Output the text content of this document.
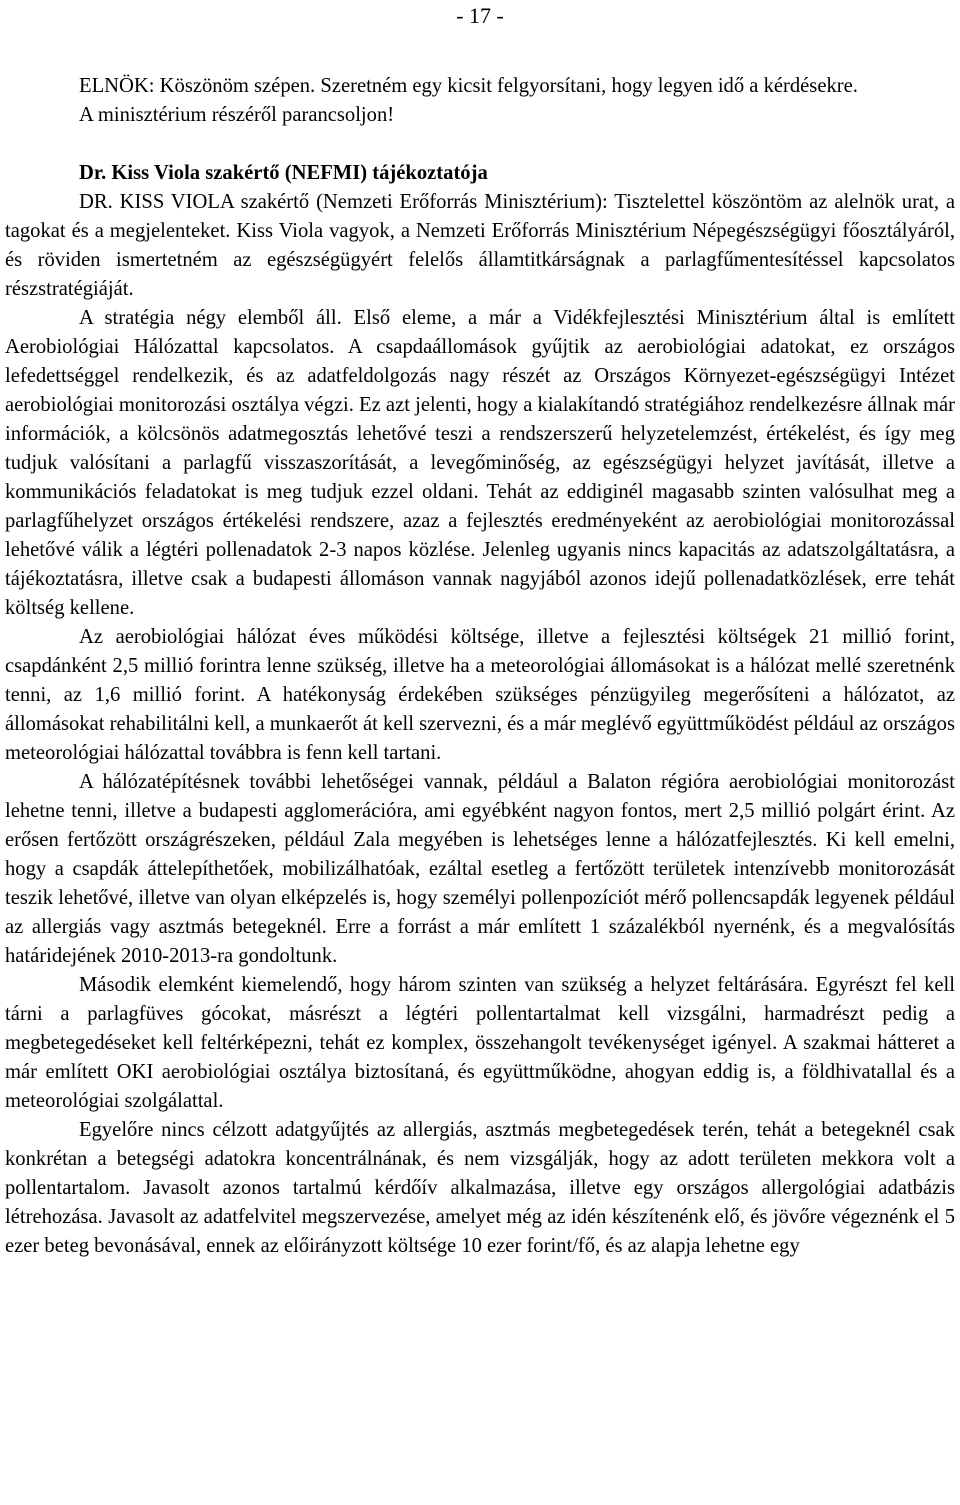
- 17 -

ELNÖK: Köszönöm szépen. Szeretném egy kicsit felgyorsítani, hogy legyen idő a kérdésekre.

A minisztérium részéről parancsoljon!

Dr. Kiss Viola szakértő (NEFMI) tájékoztatója

DR. KISS VIOLA szakértő (Nemzeti Erőforrás Minisztérium): Tisztelettel köszöntöm az alelnök urat, a tagokat és a megjelenteket. Kiss Viola vagyok, a Nemzeti Erőforrás Minisztérium Népegészségügyi főosztályáról, és röviden ismertetném az egészségügyért felelős államtitkárságnak a parlagfűmentesítéssel kapcsolatos részstratégiáját.

A stratégia négy elemből áll. Első eleme, a már a Vidékfejlesztési Minisztérium által is említett Aerobiológiai Hálózattal kapcsolatos. A csapdaállomások gyűjtik az aerobiológiai adatokat, ez országos lefedettséggel rendelkezik, és az adatfeldolgozás nagy részét az Országos Környezet-egészségügyi Intézet aerobiológiai monitorozási osztálya végzi. Ez azt jelenti, hogy a kialakítandó stratégiához rendelkezésre állnak már információk, a kölcsönös adatmegosztás lehetővé teszi a rendszerszerű helyzetelemzést, értékelést, és így meg tudjuk valósítani a parlagfű visszaszorítását, a levegőminőség, az egészségügyi helyzet javítását, illetve a kommunikációs feladatokat is meg tudjuk ezzel oldani. Tehát az eddiginél magasabb szinten valósulhat meg a parlagfűhelyzet országos értékelési rendszere, azaz a fejlesztés eredményeként az aerobiológiai monitorozással lehetővé válik a légtéri pollenadatok 2-3 napos közlése. Jelenleg ugyanis nincs kapacitás az adatszolgáltatásra, a tájékoztatásra, illetve csak a budapesti állomáson vannak nagyjából azonos idejű pollenadatközlések, erre tehát költség kellene.

Az aerobiológiai hálózat éves működési költsége, illetve a fejlesztési költségek 21 millió forint, csapdánként 2,5 millió forintra lenne szükség, illetve ha a meteorológiai állomásokat is a hálózat mellé szeretnénk tenni, az 1,6 millió forint. A hatékonyság érdekében szükséges pénzügyileg megerősíteni a hálózatot, az állomásokat rehabilitálni kell, a munkaerőt át kell szervezni, és a már meglévő együttműködést például az országos meteorológiai hálózattal továbbra is fenn kell tartani.

A hálózatépítésnek további lehetőségei vannak, például a Balaton régióra aerobiológiai monitorozást lehetne tenni, illetve a budapesti agglomerációra, ami egyébként nagyon fontos, mert 2,5 millió polgárt érint. Az erősen fertőzött országrészeken, például Zala megyében is lehetséges lenne a hálózatfejlesztés. Ki kell emelni, hogy a csapdák áttelepíthetőek, mobilizálhatóak, ezáltal esetleg a fertőzött területek intenzívebb monitorozását teszik lehetővé, illetve van olyan elképzelés is, hogy személyi pollenpozíciót mérő pollencsapdák legyenek például az allergiás vagy asztmás betegeknél. Erre a forrást a már említett 1 százalékból nyernénk, és a megvalósítás határidejének 2010-2013-ra gondoltunk.

Második elemként kiemelendő, hogy három szinten van szükség a helyzet feltárására. Egyrészt fel kell tárni a parlagfüves gócokat, másrészt a légtéri pollentartalmat kell vizsgálni, harmadrészt pedig a megbetegedéseket kell feltérképezni, tehát ez komplex, összehangolt tevékenységet igényel. A szakmai hátteret a már említett OKI aerobiológiai osztálya biztosítaná, és együttműködne, ahogyan eddig is, a földhivatallal és a meteorológiai szolgálattal.

Egyelőre nincs célzott adatgyűjtés az allergiás, asztmás megbetegedések terén, tehát a betegeknél csak konkrétan a betegségi adatokra koncentrálnának, és nem vizsgálják, hogy az adott területen mekkora volt a pollentartalom. Javasolt azonos tartalmú kérdőív alkalmazása, illetve egy országos allergológiai adatbázis létrehozása. Javasolt az adatfelvitel megszervezése, amelyet még az idén készítenénk elő, és jövőre végeznénk el 5 ezer beteg bevonásával, ennek az előirányzott költsége 10 ezer forint/fő, és az alapja lehetne egy
